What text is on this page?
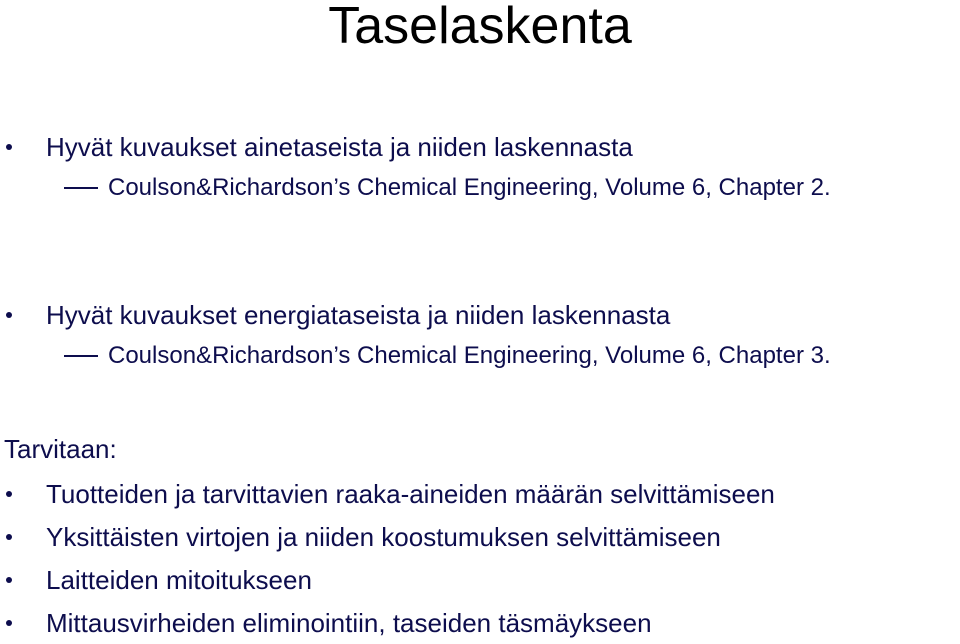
Taselaskenta
Hyvät kuvaukset ainetaseista ja niiden laskennasta
Coulson&Richardson’s Chemical Engineering, Volume 6, Chapter 2.
Hyvät kuvaukset energiataseista ja niiden laskennasta
Coulson&Richardson’s Chemical Engineering, Volume 6, Chapter 3.
Tarvitaan:
Tuotteiden ja tarvittavien raaka-aineiden määrän selvittämiseen
Yksittäisten virtojen ja niiden koostumuksen selvittämiseen
Laitteiden mitoitukseen
Mittausvirheiden eliminointiin, taseiden täsmäykseen
